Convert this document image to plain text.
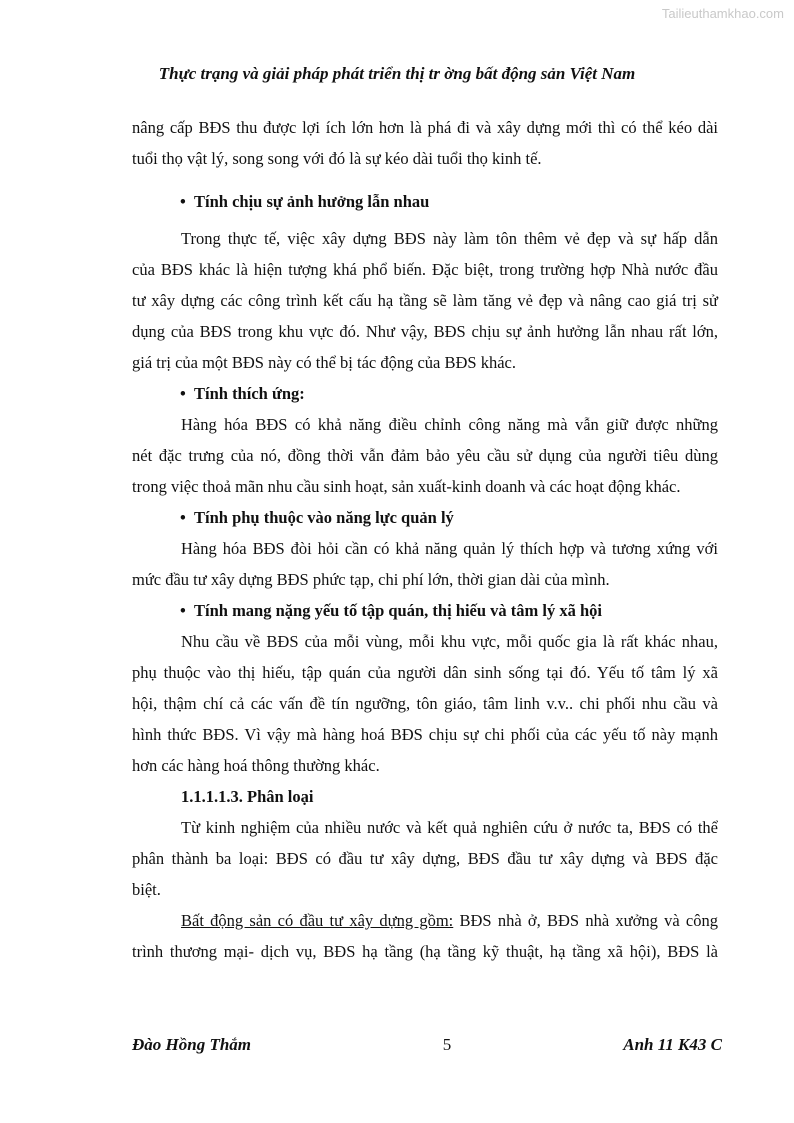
Tailieuthamkhao.com
Thực trạng và giải pháp phát triển thị tr ờng bất động sản Việt Nam
nâng cấp BĐS thu được lợi ích lớn hơn là phá đi và xây dựng mới thì có thể kéo dài
tuổi thọ vật lý, song song với đó là sự kéo dài tuổi thọ kinh tế.
• Tính chịu sự ảnh hưởng lẫn nhau
Trong thực tế, việc xây dựng BĐS này làm tôn thêm vẻ đẹp và sự hấp dẫn
của BĐS khác là hiện tượng khá phổ biến. Đặc biệt, trong trường hợp Nhà nước đầu
tư xây dựng các công trình kết cấu hạ tầng sẽ làm tăng vẻ đẹp và nâng cao giá trị sử
dụng của BĐS trong khu vực đó. Như vậy, BĐS chịu sự ảnh hưởng lẫn nhau rất lớn,
giá trị của một BĐS này có thể bị tác động của BĐS khác.
• Tính thích ứng:
Hàng hóa BĐS có khả năng điều chỉnh công năng mà vẫn giữ được những
nét đặc trưng của nó, đồng thời vẫn đảm bảo yêu cầu sử dụng của người tiêu dùng
trong việc thoả mãn nhu cầu sinh hoạt, sản xuất-kinh doanh và các hoạt động khác.
• Tính phụ thuộc vào năng lực quản lý
Hàng hóa BĐS đòi hỏi cần có khả năng quản lý thích hợp và tương xứng với
mức đầu tư xây dựng BĐS phức tạp, chi phí lớn, thời gian dài của mình.
• Tính mang nặng yếu tố tập quán, thị hiếu và tâm lý xã hội
Nhu cầu về BĐS của mỗi vùng, mỗi khu vực, mỗi quốc gia là rất khác nhau,
phụ thuộc vào thị hiếu, tập quán của người dân sinh sống tại đó. Yếu tố tâm lý xã
hội, thậm chí cả các vấn đề tín ngưỡng, tôn giáo, tâm linh v.v.. chi phối nhu cầu và
hình thức BĐS. Vì vậy mà hàng hoá BĐS chịu sự chi phối của các yếu tố này mạnh
hơn các hàng hoá thông thường khác.
1.1.1.1.3. Phân loại
Từ kinh nghiệm của nhiều nước và kết quả nghiên cứu ở nước ta, BĐS có thể
phân thành ba loại: BĐS có đầu tư xây dựng, BĐS đầu tư xây dựng và BĐS đặc
biệt.
Bất động sản có đầu tư xây dựng gồm: BĐS nhà ở, BĐS nhà xưởng và công
trình thương mại- dịch vụ, BĐS hạ tầng (hạ tầng kỹ thuật, hạ tầng xã hội), BĐS là
Đào Hồng Thắm	5	Anh 11 K43 C
